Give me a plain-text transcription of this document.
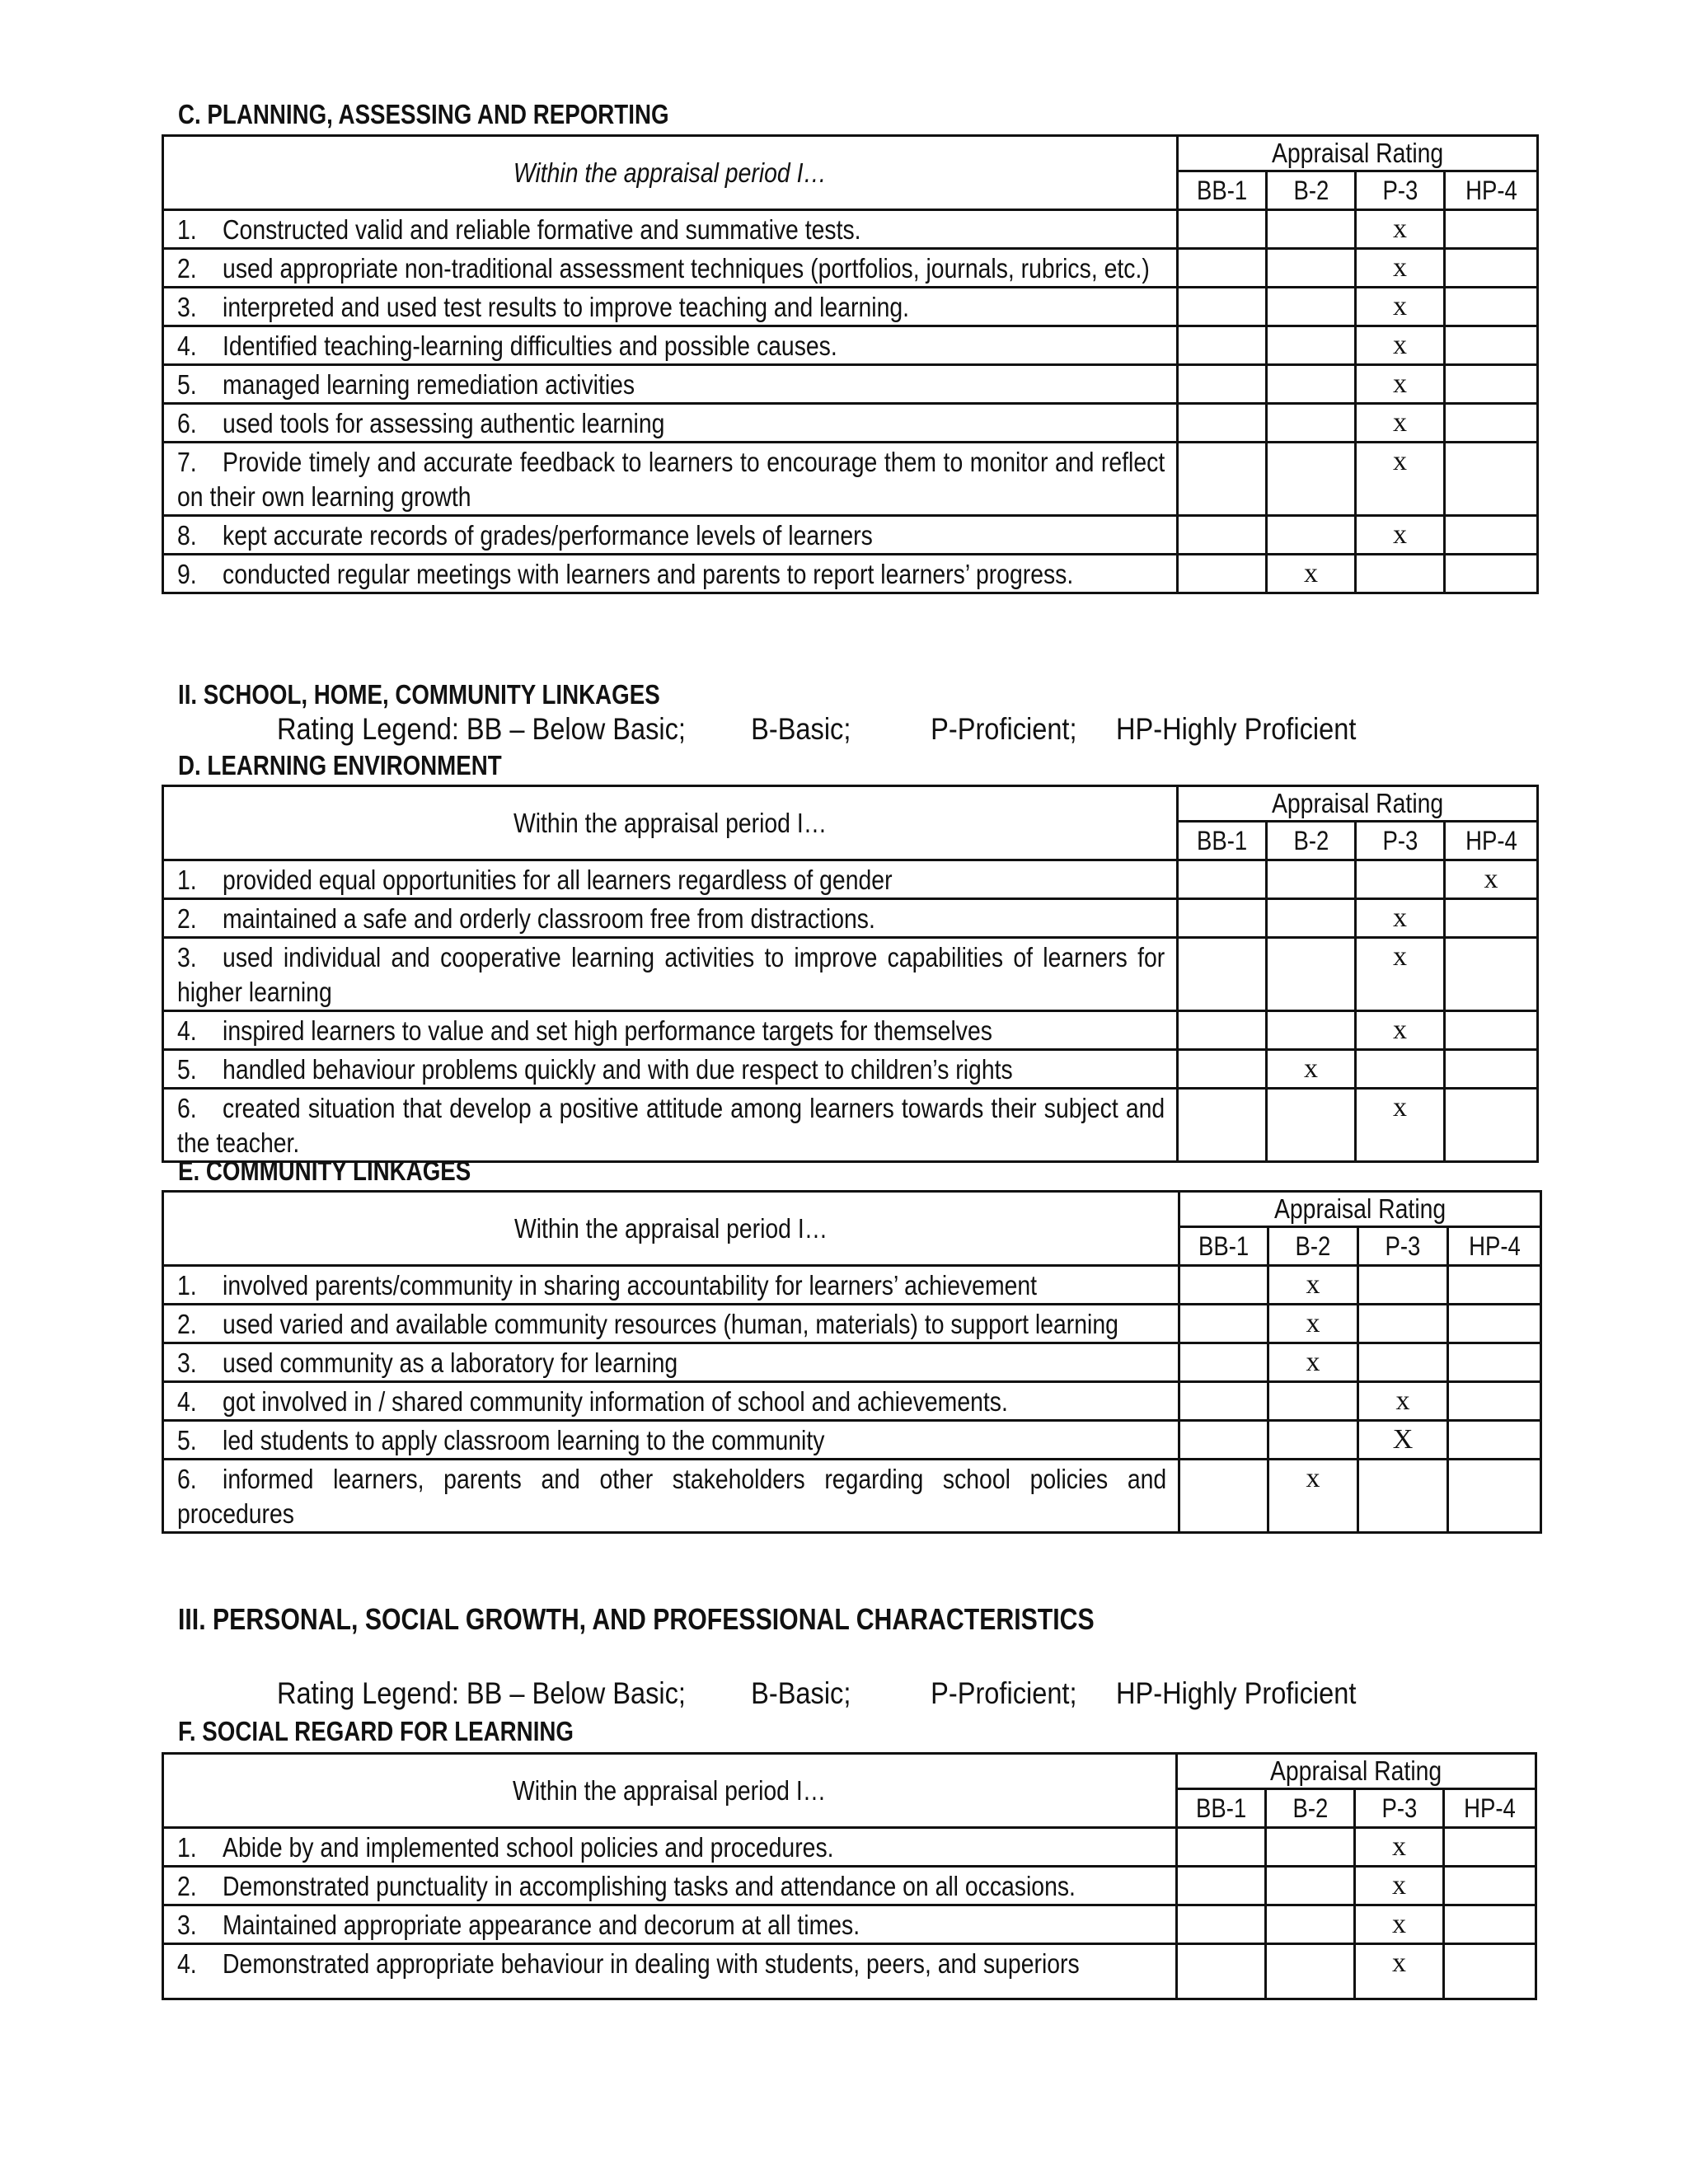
C. PLANNING, ASSESSING AND REPORTING
Within the appraisal period I…	Appraisal Rating			
	BB-1	B-2	P-3	HP-4

1. Constructed valid and reliable formative and summative tests.			x	

2. used appropriate non-traditional assessment techniques (portfolios, journals, rubrics, etc.)			x	

3. interpreted and used test results to improve teaching and learning.			x	

4. Identified teaching-learning difficulties and possible causes.			x	

5. managed learning remediation activities			x	

6. used tools for assessing authentic learning			x	

7. Provide timely and accurate feedback to learners to encourage them to monitor and reflect on their own learning growth			x	

8. kept accurate records of grades/performance levels of learners			x	

9. conducted regular meetings with learners and parents to report learners’ progress.		x		
II. SCHOOL, HOME, COMMUNITY LINKAGES
Rating Legend: BB – Below Basic; B-Basic;	P-Proficient; HP-Highly Proficient
D. LEARNING ENVIRONMENT
Within the appraisal period I…	Appraisal Rating			
	BB-1	B-2	P-3	HP-4

1. provided equal opportunities for all learners regardless of gender				x

2. maintained a safe and orderly classroom free from distractions.			x	

3. used individual and cooperative learning activities to improve capabilities of learners for higher learning			x	

4. inspired learners to value and set high performance targets for themselves			x	

5. handled behaviour problems quickly and with due respect to children’s rights		x		

6. created situation that develop a positive attitude among learners towards their subject and the teacher.			x	
E. COMMUNITY LINKAGES
Within the appraisal period I…	Appraisal Rating			
	BB-1	B-2	P-3	HP-4

1. involved parents/community in sharing accountability for learners’ achievement		x		

2. used varied and available community resources (human, materials) to support learning		x		

3. used community as a laboratory for learning		x		

4. got involved in / shared community information of school and achievements.			x	

5. led students to apply classroom learning to the community			X	

6. informed learners, parents and other stakeholders regarding school policies and procedures		x		
III. PERSONAL, SOCIAL GROWTH, AND PROFESSIONAL CHARACTERISTICS
Rating Legend: BB – Below Basic; B-Basic;	P-Proficient; HP-Highly Proficient
F. SOCIAL REGARD FOR LEARNING
Within the appraisal period I…	Appraisal Rating			
	BB-1	B-2	P-3	HP-4

1. Abide by and implemented school policies and procedures.			x	

2. Demonstrated punctuality in accomplishing tasks and attendance on all occasions.			x	

3. Maintained appropriate appearance and decorum at all times.			x	

4. Demonstrated appropriate behaviour in dealing with students, peers, and superiors			x	
